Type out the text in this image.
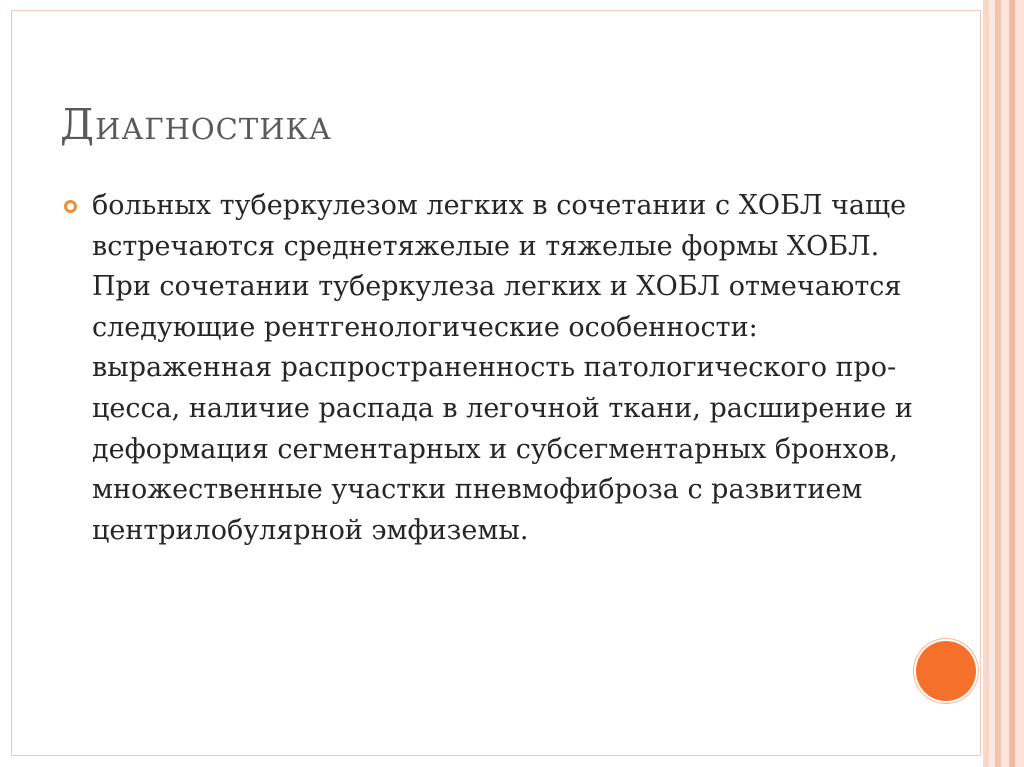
Диагностика

больных туберкулезом легких в сочетании с ХОБЛ чаще встречаются среднетяжелые и тяжелые формы ХОБЛ. При сочетании туберкулеза легких и ХОБЛ отмечаются следующие рентгенологические особенности: выраженная распространенность патологического про- цесса, наличие распада в легочной ткани, расширение и деформация сегментарных и субсегментарных бронхов, множественные участки пневмофиброза с развитием центрилобулярной эмфиземы.
